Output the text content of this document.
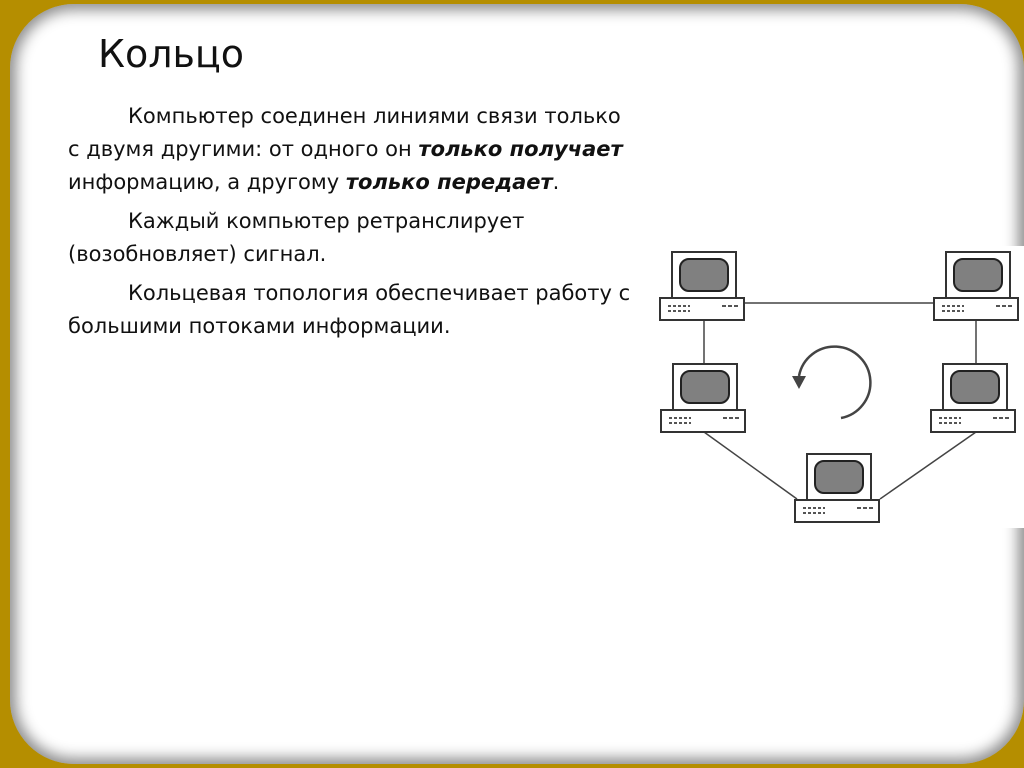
Кольцо

Компьютер соединен линиями связи только с двумя другими: от одного он только получает информацию, а другому только передает.

Каждый компьютер ретранслирует (возобновляет) сигнал.

Кольцевая топология обеспечивает работу с большими потоками информации.
